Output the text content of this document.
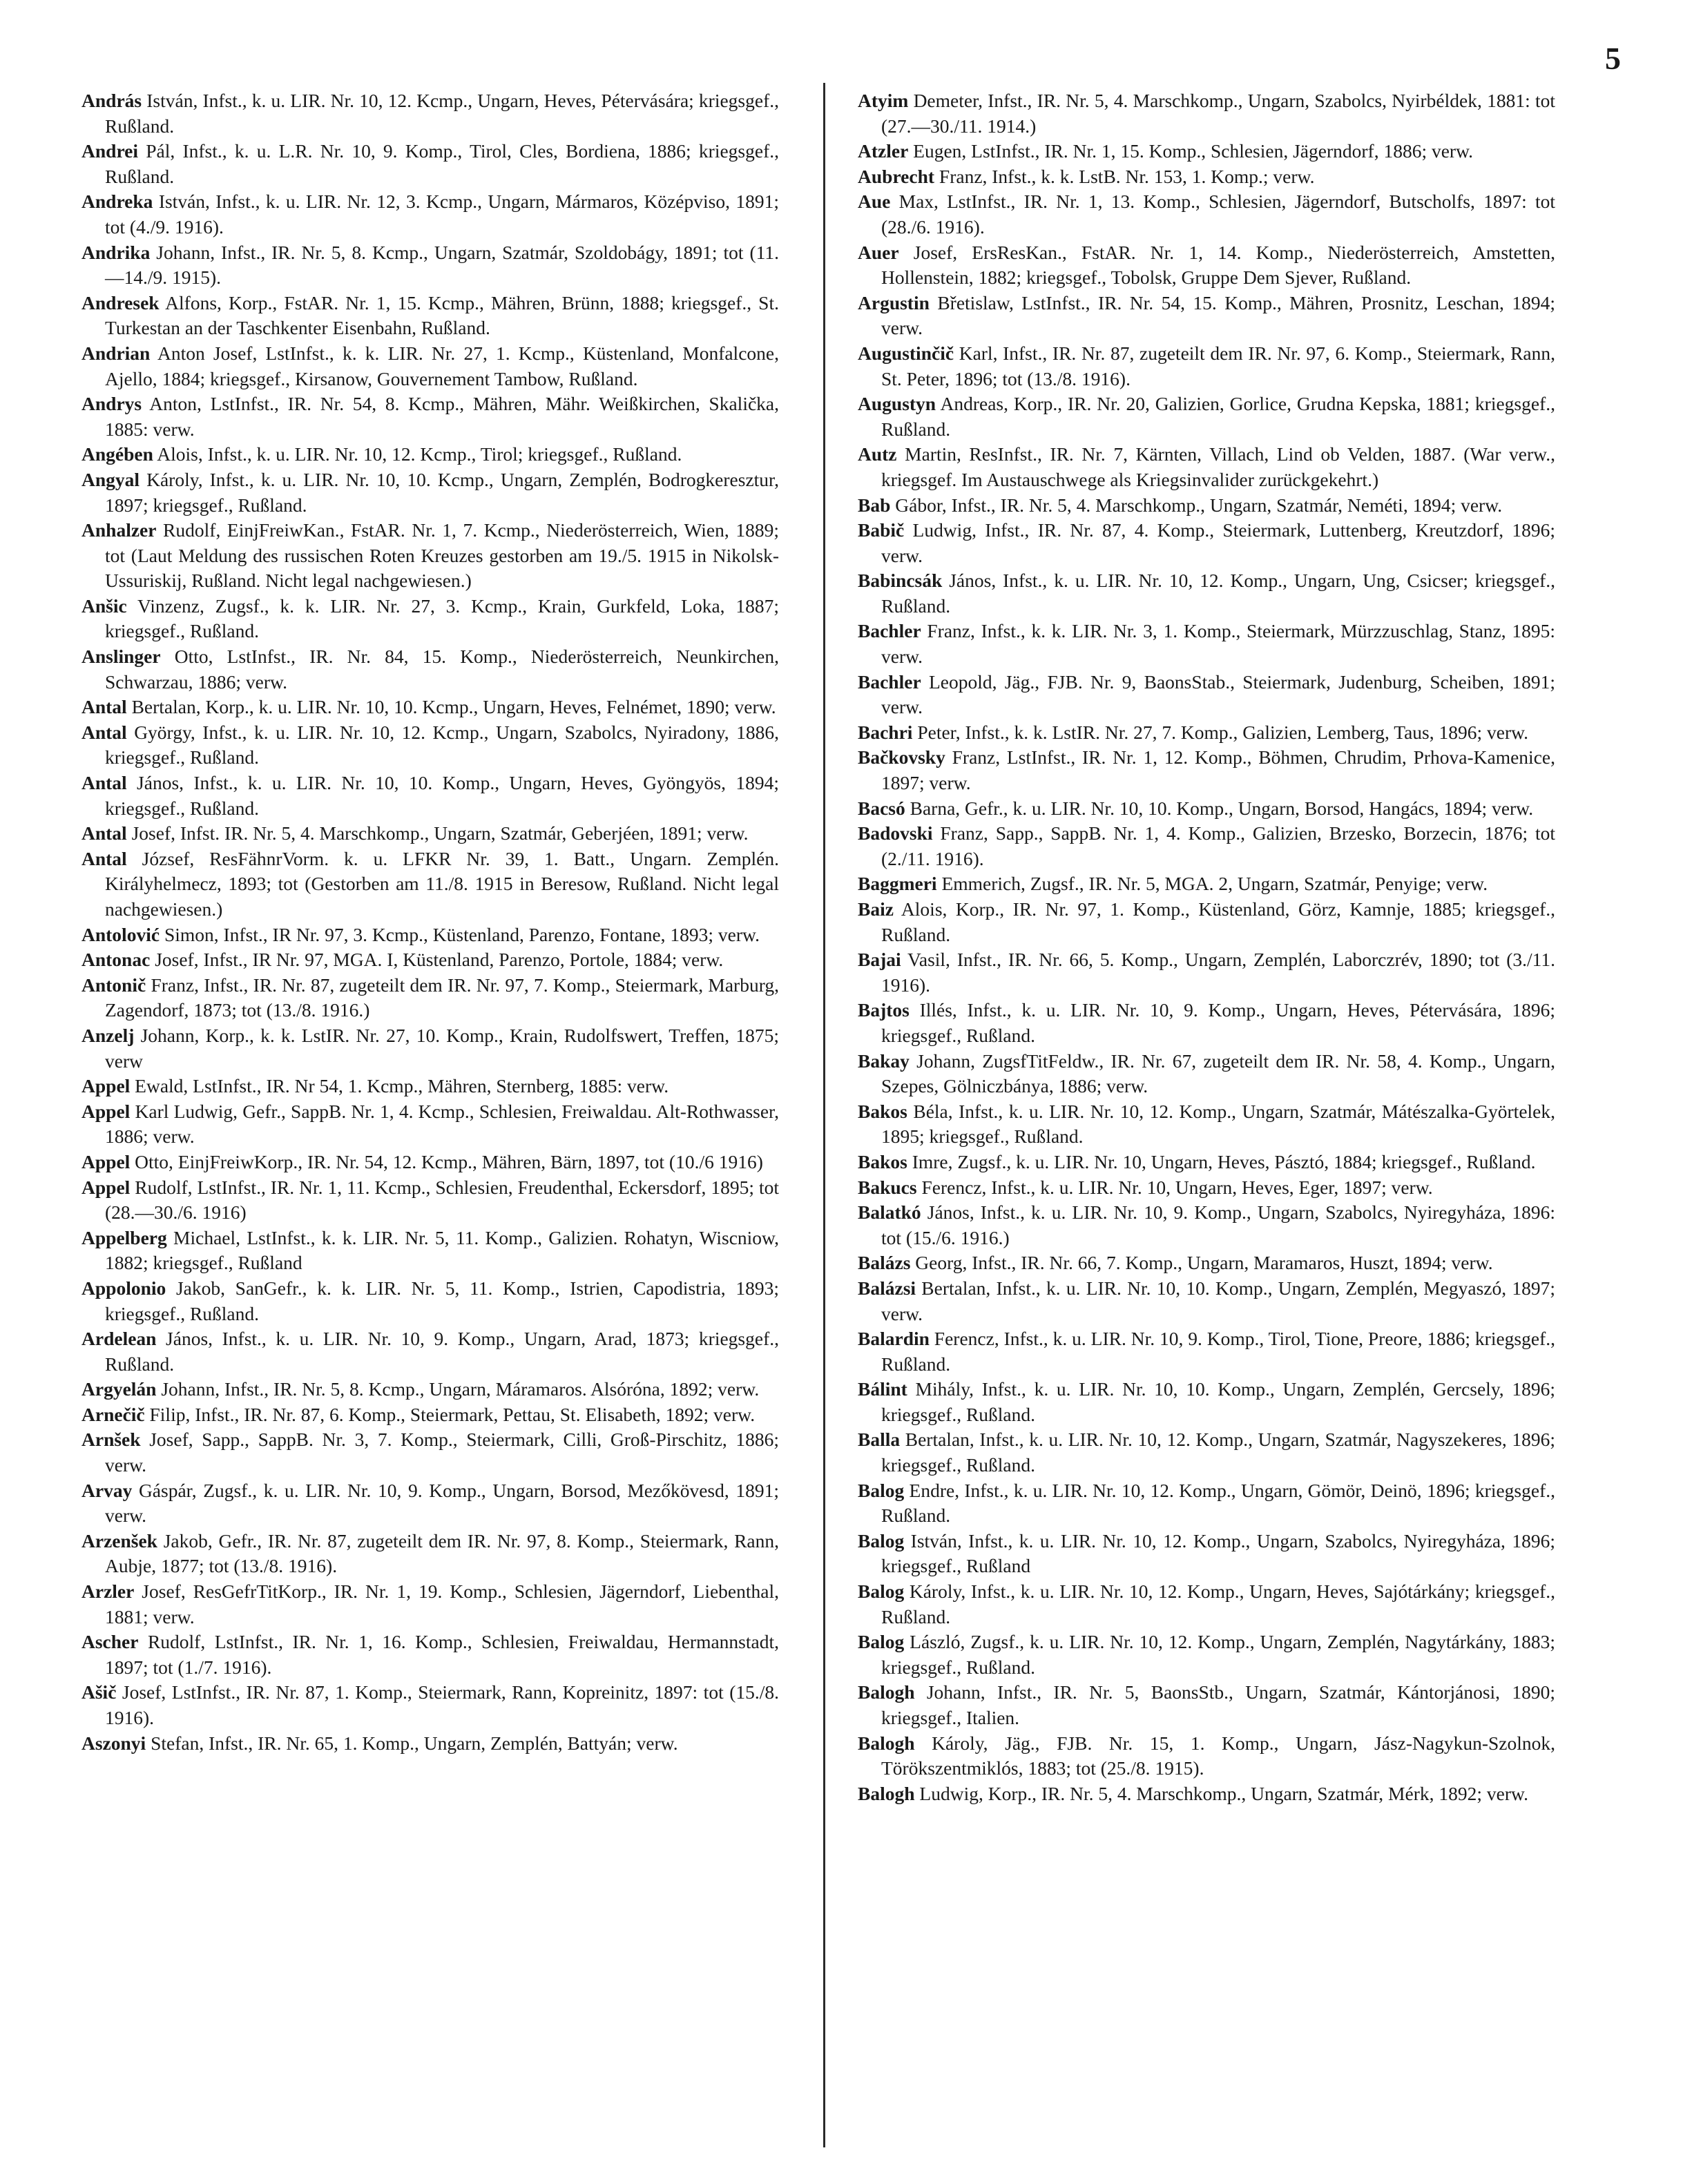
5

András István, Infst., k. u. LIR. Nr. 10, 12. Kcmp., Ungarn, Heves, Pétervására; kriegsgef., Rußland.

Andrei Pál, Infst., k. u. L.R. Nr. 10, 9. Komp., Tirol, Cles, Bordiena, 1886; kriegsgef., Rußland.

Andreka István, Infst., k. u. LIR. Nr. 12, 3. Kcmp., Ungarn, Mármaros, Középviso, 1891; tot (4./9. 1916).

Andrika Johann, Infst., IR. Nr. 5, 8. Kcmp., Ungarn, Szatmár, Szoldobágy, 1891; tot (11.—14./9. 1915).

Andresek Alfons, Korp., FstAR. Nr. 1, 15. Kcmp., Mähren, Brünn, 1888; kriegsgef., St. Turkestan an der Taschkenter Eisenbahn, Rußland.

Andrian Anton Josef, LstInfst., k. k. LIR. Nr. 27, 1. Kcmp., Küstenland, Monfalcone, Ajello, 1884; kriegsgef., Kirsanow, Gouvernement Tambow, Rußland.

Andrys Anton, LstInfst., IR. Nr. 54, 8. Kcmp., Mähren, Mähr. Weißkirchen, Skalička, 1885: verw.

Angében Alois, Infst., k. u. LIR. Nr. 10, 12. Kcmp., Tirol; kriegsgef., Rußland.

Angyal Károly, Infst., k. u. LIR. Nr. 10, 10. Kcmp., Ungarn, Zemplén, Bodrogkeresztur, 1897; kriegsgef., Rußland.

Anhalzer Rudolf, EinjFreiwKan., FstAR. Nr. 1, 7. Kcmp., Niederösterreich, Wien, 1889; tot (Laut Meldung des russischen Roten Kreuzes gestorben am 19./5. 1915 in Nikolsk-Ussuriskij, Rußland. Nicht legal nachgewiesen.)

Anšic Vinzenz, Zugsf., k. k. LIR. Nr. 27, 3. Kcmp., Krain, Gurkfeld, Loka, 1887; kriegsgef., Rußland.

Anslinger Otto, LstInfst., IR. Nr. 84, 15. Komp., Niederösterreich, Neunkirchen, Schwarzau, 1886; verw.

Antal Bertalan, Korp., k. u. LIR. Nr. 10, 10. Kcmp., Ungarn, Heves, Felnémet, 1890; verw.

Antal György, Infst., k. u. LIR. Nr. 10, 12. Kcmp., Ungarn, Szabolcs, Nyiradony, 1886, kriegsgef., Rußland.

Antal János, Infst., k. u. LIR. Nr. 10, 10. Komp., Ungarn, Heves, Gyöngyös, 1894; kriegsgef., Rußland.

Antal Josef, Infst. IR. Nr. 5, 4. Marschkomp., Ungarn, Szatmár, Geberjéen, 1891; verw.

Antal József, ResFähnrVorm. k. u. LFKR Nr. 39, 1. Batt., Ungarn. Zemplén. Királyhelmecz, 1893; tot (Gestorben am 11./8. 1915 in Beresow, Rußland. Nicht legal nachgewiesen.)

Antolović Simon, Infst., IR Nr. 97, 3. Kcmp., Küstenland, Parenzo, Fontane, 1893; verw.

Antonac Josef, Infst., IR Nr. 97, MGA. I, Küstenland, Parenzo, Portole, 1884; verw.

Antonič Franz, Infst., IR. Nr. 87, zugeteilt dem IR. Nr. 97, 7. Komp., Steiermark, Marburg, Zagendorf, 1873; tot (13./8. 1916.)

Anzelj Johann, Korp., k. k. LstIR. Nr. 27, 10. Komp., Krain, Rudolfswert, Treffen, 1875; verw

Appel Ewald, LstInfst., IR. Nr 54, 1. Kcmp., Mähren, Sternberg, 1885: verw.

Appel Karl Ludwig, Gefr., SappB. Nr. 1, 4. Kcmp., Schlesien, Freiwaldau. Alt-Rothwasser, 1886; verw.

Appel Otto, EinjFreiwKorp., IR. Nr. 54, 12. Kcmp., Mähren, Bärn, 1897, tot (10./6 1916)

Appel Rudolf, LstInfst., IR. Nr. 1, 11. Kcmp., Schlesien, Freudenthal, Eckersdorf, 1895; tot (28.—30./6. 1916)

Appelberg Michael, LstInfst., k. k. LIR. Nr. 5, 11. Komp., Galizien. Rohatyn, Wiscniow, 1882; kriegsgef., Rußland

Appolonio Jakob, SanGefr., k. k. LIR. Nr. 5, 11. Komp., Istrien, Capodistria, 1893; kriegsgef., Rußland.

Ardelean János, Infst., k. u. LIR. Nr. 10, 9. Komp., Ungarn, Arad, 1873; kriegsgef., Rußland.

Argyelán Johann, Infst., IR. Nr. 5, 8. Kcmp., Ungarn, Máramaros. Alsóróna, 1892; verw.

Arnečič Filip, Infst., IR. Nr. 87, 6. Komp., Steiermark, Pettau, St. Elisabeth, 1892; verw.

Arnšek Josef, Sapp., SappB. Nr. 3, 7. Komp., Steiermark, Cilli, Groß-Pirschitz, 1886; verw.

Arvay Gáspár, Zugsf., k. u. LIR. Nr. 10, 9. Komp., Ungarn, Borsod, Mezőkövesd, 1891; verw.

Arzenšek Jakob, Gefr., IR. Nr. 87, zugeteilt dem IR. Nr. 97, 8. Komp., Steiermark, Rann, Aubje, 1877; tot (13./8. 1916).

Arzler Josef, ResGefrTitKorp., IR. Nr. 1, 19. Komp., Schlesien, Jägerndorf, Liebenthal, 1881; verw.

Ascher Rudolf, LstInfst., IR. Nr. 1, 16. Komp., Schlesien, Freiwaldau, Hermannstadt, 1897; tot (1./7. 1916).

Ašič Josef, LstInfst., IR. Nr. 87, 1. Komp., Steiermark, Rann, Kopreinitz, 1897: tot (15./8. 1916).

Aszonyi Stefan, Infst., IR. Nr. 65, 1. Komp., Ungarn, Zemplén, Battyán; verw.

Atyim Demeter, Infst., IR. Nr. 5, 4. Marschkomp., Ungarn, Szabolcs, Nyirbéldek, 1881: tot (27.—30./11. 1914.)

Atzler Eugen, LstInfst., IR. Nr. 1, 15. Komp., Schlesien, Jägerndorf, 1886; verw.

Aubrecht Franz, Infst., k. k. LstB. Nr. 153, 1. Komp.; verw.

Aue Max, LstInfst., IR. Nr. 1, 13. Komp., Schlesien, Jägerndorf, Butscholfs, 1897: tot (28./6. 1916).

Auer Josef, ErsResKan., FstAR. Nr. 1, 14. Komp., Niederösterreich, Amstetten, Hollenstein, 1882; kriegsgef., Tobolsk, Gruppe Dem Sjever, Rußland.

Argustin Břetislaw, LstInfst., IR. Nr. 54, 15. Komp., Mähren, Prosnitz, Leschan, 1894; verw.

Augustinčič Karl, Infst., IR. Nr. 87, zugeteilt dem IR. Nr. 97, 6. Komp., Steiermark, Rann, St. Peter, 1896; tot (13./8. 1916).

Augustyn Andreas, Korp., IR. Nr. 20, Galizien, Gorlice, Grudna Kepska, 1881; kriegsgef., Rußland.

Autz Martin, ResInfst., IR. Nr. 7, Kärnten, Villach, Lind ob Velden, 1887. (War verw., kriegsgef. Im Austauschwege als Kriegsinvalider zurückgekehrt.)

Bab Gábor, Infst., IR. Nr. 5, 4. Marschkomp., Ungarn, Szatmár, Neméti, 1894; verw.

Babič Ludwig, Infst., IR. Nr. 87, 4. Komp., Steiermark, Luttenberg, Kreutzdorf, 1896; verw.

Babincsák János, Infst., k. u. LIR. Nr. 10, 12. Komp., Ungarn, Ung, Csicser; kriegsgef., Rußland.

Bachler Franz, Infst., k. k. LIR. Nr. 3, 1. Komp., Steiermark, Mürzzuschlag, Stanz, 1895: verw.

Bachler Leopold, Jäg., FJB. Nr. 9, BaonsStab., Steiermark, Judenburg, Scheiben, 1891; verw.

Bachri Peter, Infst., k. k. LstIR. Nr. 27, 7. Komp., Galizien, Lemberg, Taus, 1896; verw.

Bačkovsky Franz, LstInfst., IR. Nr. 1, 12. Komp., Böhmen, Chrudim, Prhova-Kamenice, 1897; verw.

Bacsó Barna, Gefr., k. u. LIR. Nr. 10, 10. Komp., Ungarn, Borsod, Hangács, 1894; verw.

Badovski Franz, Sapp., SappB. Nr. 1, 4. Komp., Galizien, Brzesko, Borzecin, 1876; tot (2./11. 1916).

Baggmeri Emmerich, Zugsf., IR. Nr. 5, MGA. 2, Ungarn, Szatmár, Penyige; verw.

Baiz Alois, Korp., IR. Nr. 97, 1. Komp., Küstenland, Görz, Kamnje, 1885; kriegsgef., Rußland.

Bajai Vasil, Infst., IR. Nr. 66, 5. Komp., Ungarn, Zemplén, Laborczrév, 1890; tot (3./11. 1916).

Bajtos Illés, Infst., k. u. LIR. Nr. 10, 9. Komp., Ungarn, Heves, Pétervására, 1896; kriegsgef., Rußland.

Bakay Johann, ZugsfTitFeldw., IR. Nr. 67, zugeteilt dem IR. Nr. 58, 4. Komp., Ungarn, Szepes, Gölniczbánya, 1886; verw.

Bakos Béla, Infst., k. u. LIR. Nr. 10, 12. Komp., Ungarn, Szatmár, Mátészalka-Györtelek, 1895; kriegsgef., Rußland.

Bakos Imre, Zugsf., k. u. LIR. Nr. 10, Ungarn, Heves, Pásztó, 1884; kriegsgef., Rußland.

Bakucs Ferencz, Infst., k. u. LIR. Nr. 10, Ungarn, Heves, Eger, 1897; verw.

Balatkó János, Infst., k. u. LIR. Nr. 10, 9. Komp., Ungarn, Szabolcs, Nyiregyháza, 1896: tot (15./6. 1916.)

Balázs Georg, Infst., IR. Nr. 66, 7. Komp., Ungarn, Maramaros, Huszt, 1894; verw.

Balázsi Bertalan, Infst., k. u. LIR. Nr. 10, 10. Komp., Ungarn, Zemplén, Megyaszó, 1897; verw.

Balardin Ferencz, Infst., k. u. LIR. Nr. 10, 9. Komp., Tirol, Tione, Preore, 1886; kriegsgef., Rußland.

Bálint Mihály, Infst., k. u. LIR. Nr. 10, 10. Komp., Ungarn, Zemplén, Gercsely, 1896; kriegsgef., Rußland.

Balla Bertalan, Infst., k. u. LIR. Nr. 10, 12. Komp., Ungarn, Szatmár, Nagyszekeres, 1896; kriegsgef., Rußland.

Balog Endre, Infst., k. u. LIR. Nr. 10, 12. Komp., Ungarn, Gömör, Deinö, 1896; kriegsgef., Rußland.

Balog István, Infst., k. u. LIR. Nr. 10, 12. Komp., Ungarn, Szabolcs, Nyiregyháza, 1896; kriegsgef., Rußland

Balog Károly, Infst., k. u. LIR. Nr. 10, 12. Komp., Ungarn, Heves, Sajótárkány; kriegsgef., Rußland.

Balog László, Zugsf., k. u. LIR. Nr. 10, 12. Komp., Ungarn, Zemplén, Nagytárkány, 1883; kriegsgef., Rußland.

Balogh Johann, Infst., IR. Nr. 5, BaonsStb., Ungarn, Szatmár, Kántorjánosi, 1890; kriegsgef., Italien.

Balogh Károly, Jäg., FJB. Nr. 15, 1. Komp., Ungarn, Jász-Nagykun-Szolnok, Törökszentmiklós, 1883; tot (25./8. 1915).

Balogh Ludwig, Korp., IR. Nr. 5, 4. Marschkomp., Ungarn, Szatmár, Mérk, 1892; verw.
